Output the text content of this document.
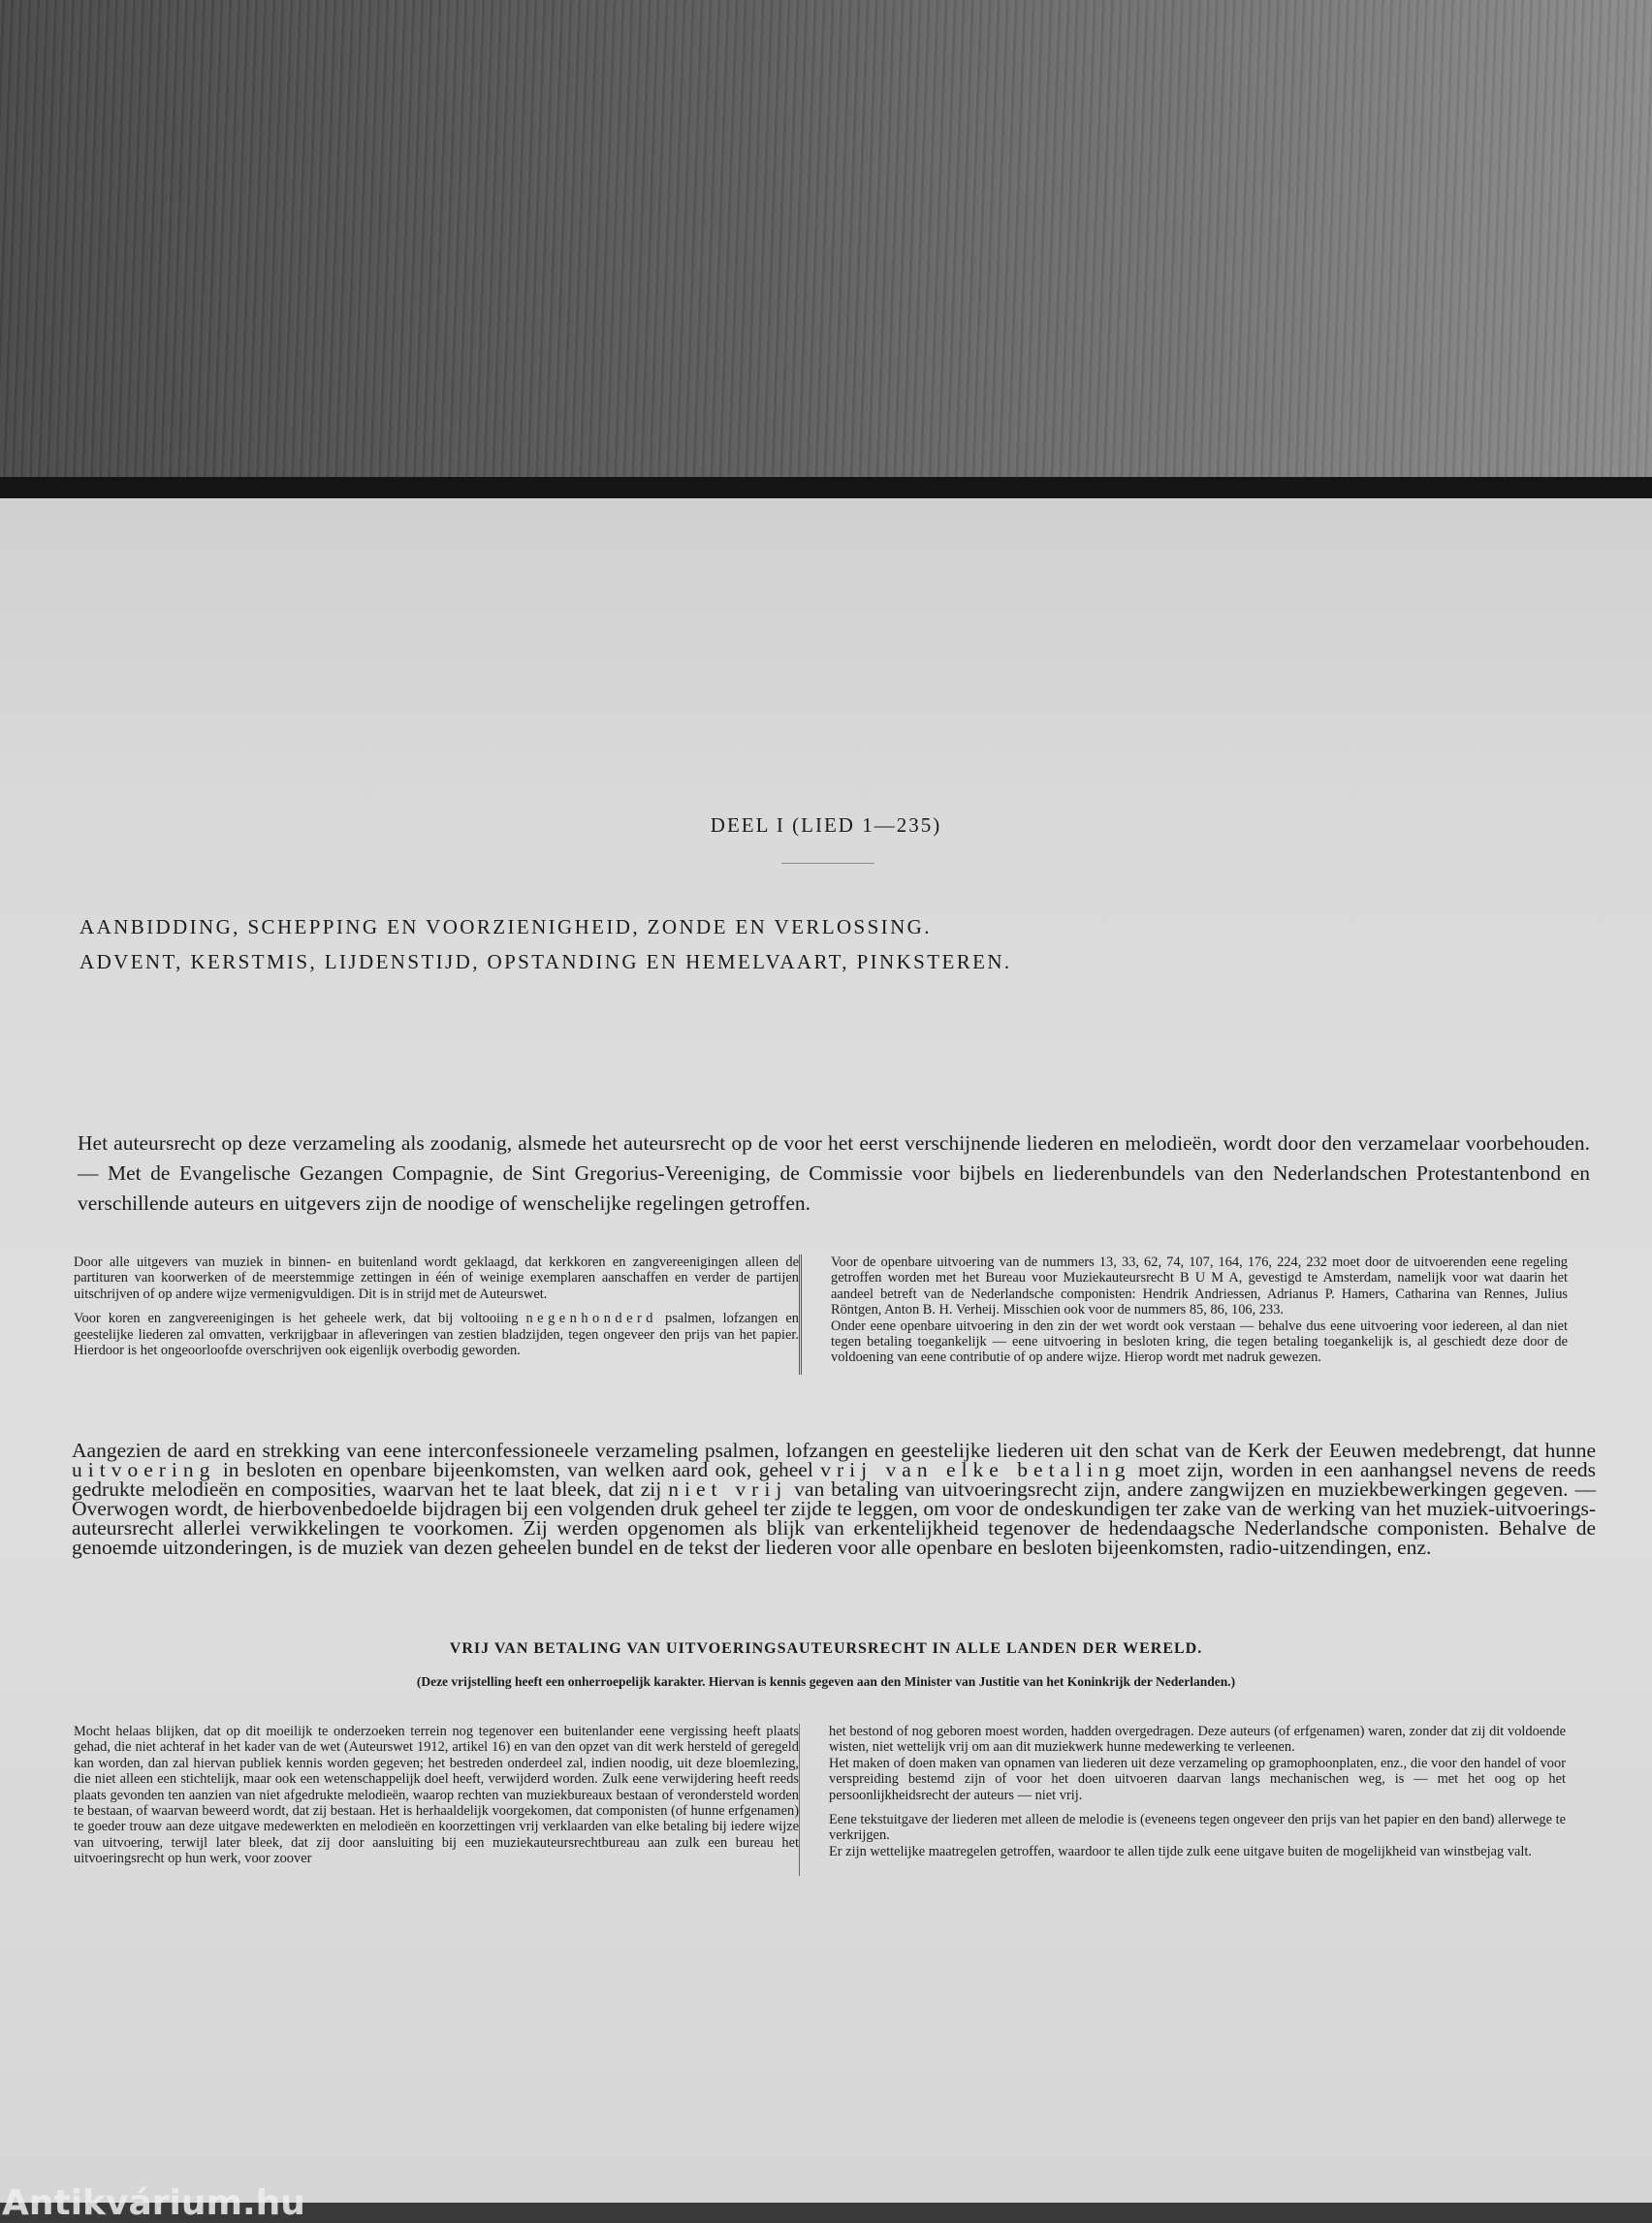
DEEL I (LIED 1—235)
AANBIDDING, SCHEPPING EN VOORZIENIGHEID, ZONDE EN VERLOSSING.
ADVENT, KERSTMIS, LIJDENSTIJD, OPSTANDING EN HEMELVAART, PINKSTEREN.
Het auteursrecht op deze verzameling als zoodanig, alsmede het auteursrecht op de voor het eerst verschijnende liederen en melodieën, wordt door den verzamelaar voorbehouden. — Met de Evangelische Gezangen Compagnie, de Sint Gregorius-Vereeniging, de Commissie voor bijbels en liederenbundels van den Nederlandschen Protestantenbond en verschillende auteurs en uitgevers zijn de noodige of wenschelijke regelingen getroffen.

Door alle uitgevers van muziek in binnen- en buitenland wordt geklaagd, dat kerkkoren en zangvereenigingen alleen de partituren van koorwerken of de meerstemmige zettingen in één of weinige exemplaren aanschaffen en verder de partijen uitschrijven of op andere wijze vermenigvuldigen. Dit is in strijd met de Auteurswet.

Voor koren en zangvereenigingen is het geheele werk, dat bij voltooiing negenhonderd psalmen, lofzangen en geestelijke liederen zal omvatten, verkrijgbaar in afleveringen van zestien bladzijden, tegen ongeveer den prijs van het papier. Hierdoor is het ongeoorloofde overschrijven ook eigenlijk overbodig geworden.

Voor de openbare uitvoering van de nummers 13, 33, 62, 74, 107, 164, 176, 224, 232 moet door de uitvoerenden eene regeling getroffen worden met het Bureau voor Muziekauteursrecht B U M A, gevestigd te Amsterdam, namelijk voor wat daarin het aandeel betreft van de Nederlandsche componisten: Hendrik Andriessen, Adrianus P. Hamers, Catharina van Rennes, Julius Röntgen, Anton B. H. Verheij. Misschien ook voor de nummers 85, 86, 106, 233.

Onder eene openbare uitvoering in den zin der wet wordt ook verstaan — behalve dus eene uitvoering voor iedereen, al dan niet tegen betaling toegankelijk — eene uitvoering in besloten kring, die tegen betaling toegankelijk is, al geschiedt deze door de voldoening van eene contributie of op andere wijze. Hierop wordt met nadruk gewezen.

Aangezien de aard en strekking van eene interconfessioneele verzameling psalmen, lofzangen en geestelijke liederen uit den schat van de Kerk der Eeuwen medebrengt, dat hunne uitvoering in besloten en openbare bijeenkomsten, van welken aard ook, geheel vrij van elke betaling moet zijn, worden in een aanhangsel nevens de reeds gedrukte melodieën en composities, waarvan het te laat bleek, dat zij niet vrij van betaling van uitvoeringsrecht zijn, andere zangwijzen en muziekbewerkingen gegeven. — Overwogen wordt, de hierbovenbedoelde bijdragen bij een volgenden druk geheel ter zijde te leggen, om voor de ondeskundigen ter zake van de werking van het muziek-uitvoerings-auteursrecht allerlei verwikkelingen te voorkomen. Zij werden opgenomen als blijk van erkentelijkheid tegenover de hedendaagsche Nederlandsche componisten. Behalve de genoemde uitzonderingen, is de muziek van dezen geheelen bundel en de tekst der liederen voor alle openbare en besloten bijeenkomsten, radio-uitzendingen, enz.
VRIJ VAN BETALING VAN UITVOERINGSAUTEURSRECHT IN ALLE LANDEN DER WERELD.
(Deze vrijstelling heeft een onherroepelijk karakter. Hiervan is kennis gegeven aan den Minister van Justitie van het Koninkrijk der Nederlanden.)

Mocht helaas blijken, dat op dit moeilijk te onderzoeken terrein nog tegenover een buitenlander eene vergissing heeft plaats gehad, die niet achteraf in het kader van de wet (Auteurswet 1912, artikel 16) en van den opzet van dit werk hersteld of geregeld kan worden, dan zal hiervan publiek kennis worden gegeven; het bestreden onderdeel zal, indien noodig, uit deze bloemlezing, die niet alleen een stichtelijk, maar ook een wetenschappelijk doel heeft, verwijderd worden. Zulk eene verwijdering heeft reeds plaats gevonden ten aanzien van niet afgedrukte melodieën, waarop rechten van muziekbureaux bestaan of verondersteld worden te bestaan, of waarvan beweerd wordt, dat zij bestaan. Het is herhaaldelijk voorgekomen, dat componisten (of hunne erfgenamen) te goeder trouw aan deze uitgave medewerkten en melodieën en koorzettingen vrij verklaarden van elke betaling bij iedere wijze van uitvoering, terwijl later bleek, dat zij door aansluiting bij een muziekauteursrechtbureau aan zulk een bureau het uitvoeringsrecht op hun werk, voor zoover

het bestond of nog geboren moest worden, hadden overgedragen. Deze auteurs (of erfgenamen) waren, zonder dat zij dit voldoende wisten, niet wettelijk vrij om aan dit muziekwerk hunne medewerking te verleenen.

Het maken of doen maken van opnamen van liederen uit deze verzameling op gramophoonplaten, enz., die voor den handel of voor verspreiding bestemd zijn of voor het doen uitvoeren daarvan langs mechanischen weg, is — met het oog op het persoonlijkheidsrecht der auteurs — niet vrij.

Eene tekstuitgave der liederen met alleen de melodie is (eveneens tegen ongeveer den prijs van het papier en den band) allerwege te verkrijgen.

Er zijn wettelijke maatregelen getroffen, waardoor te allen tijde zulk eene uitgave buiten de mogelijkheid van winstbejag valt.

Antikvárium.hu
